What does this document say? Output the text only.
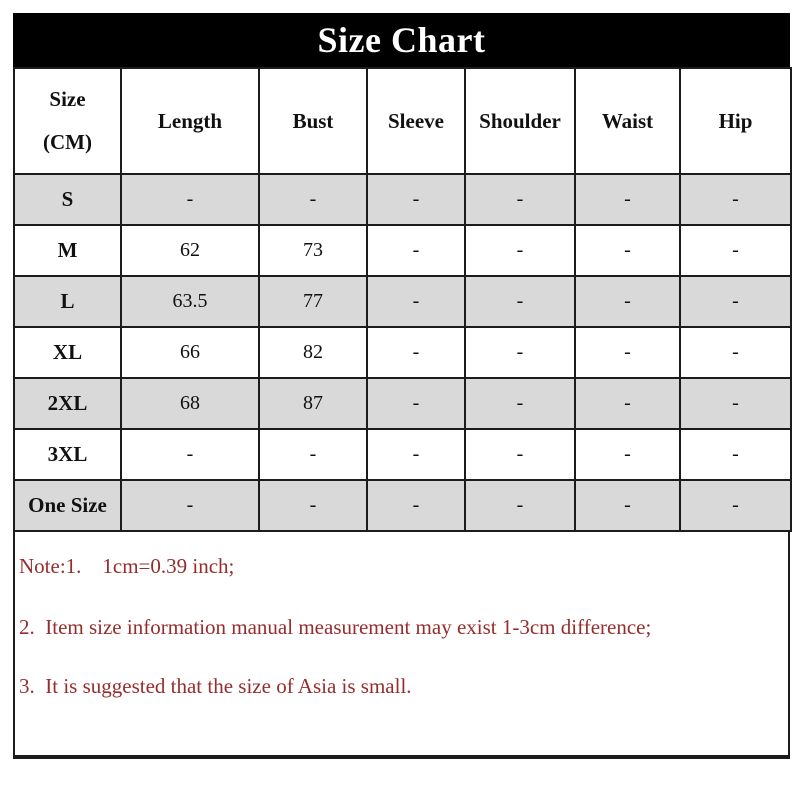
Size Chart
Size
(CM)	Length	Bust	Sleeve	Shoulder	Waist	Hip
S	-	-	-	-	-	-
M	62	73	-	-	-	-
L	63.5	77	-	-	-	-
XL	66	82	-	-	-	-
2XL	68	87	-	-	-	-
3XL	-	-	-	-	-	-
One Size	-	-	-	-	-	-

Note:1.    1cm=0.39 inch;

2.  Item size information manual measurement may exist 1-3cm difference;

3.  It is suggested that the size of Asia is small.
